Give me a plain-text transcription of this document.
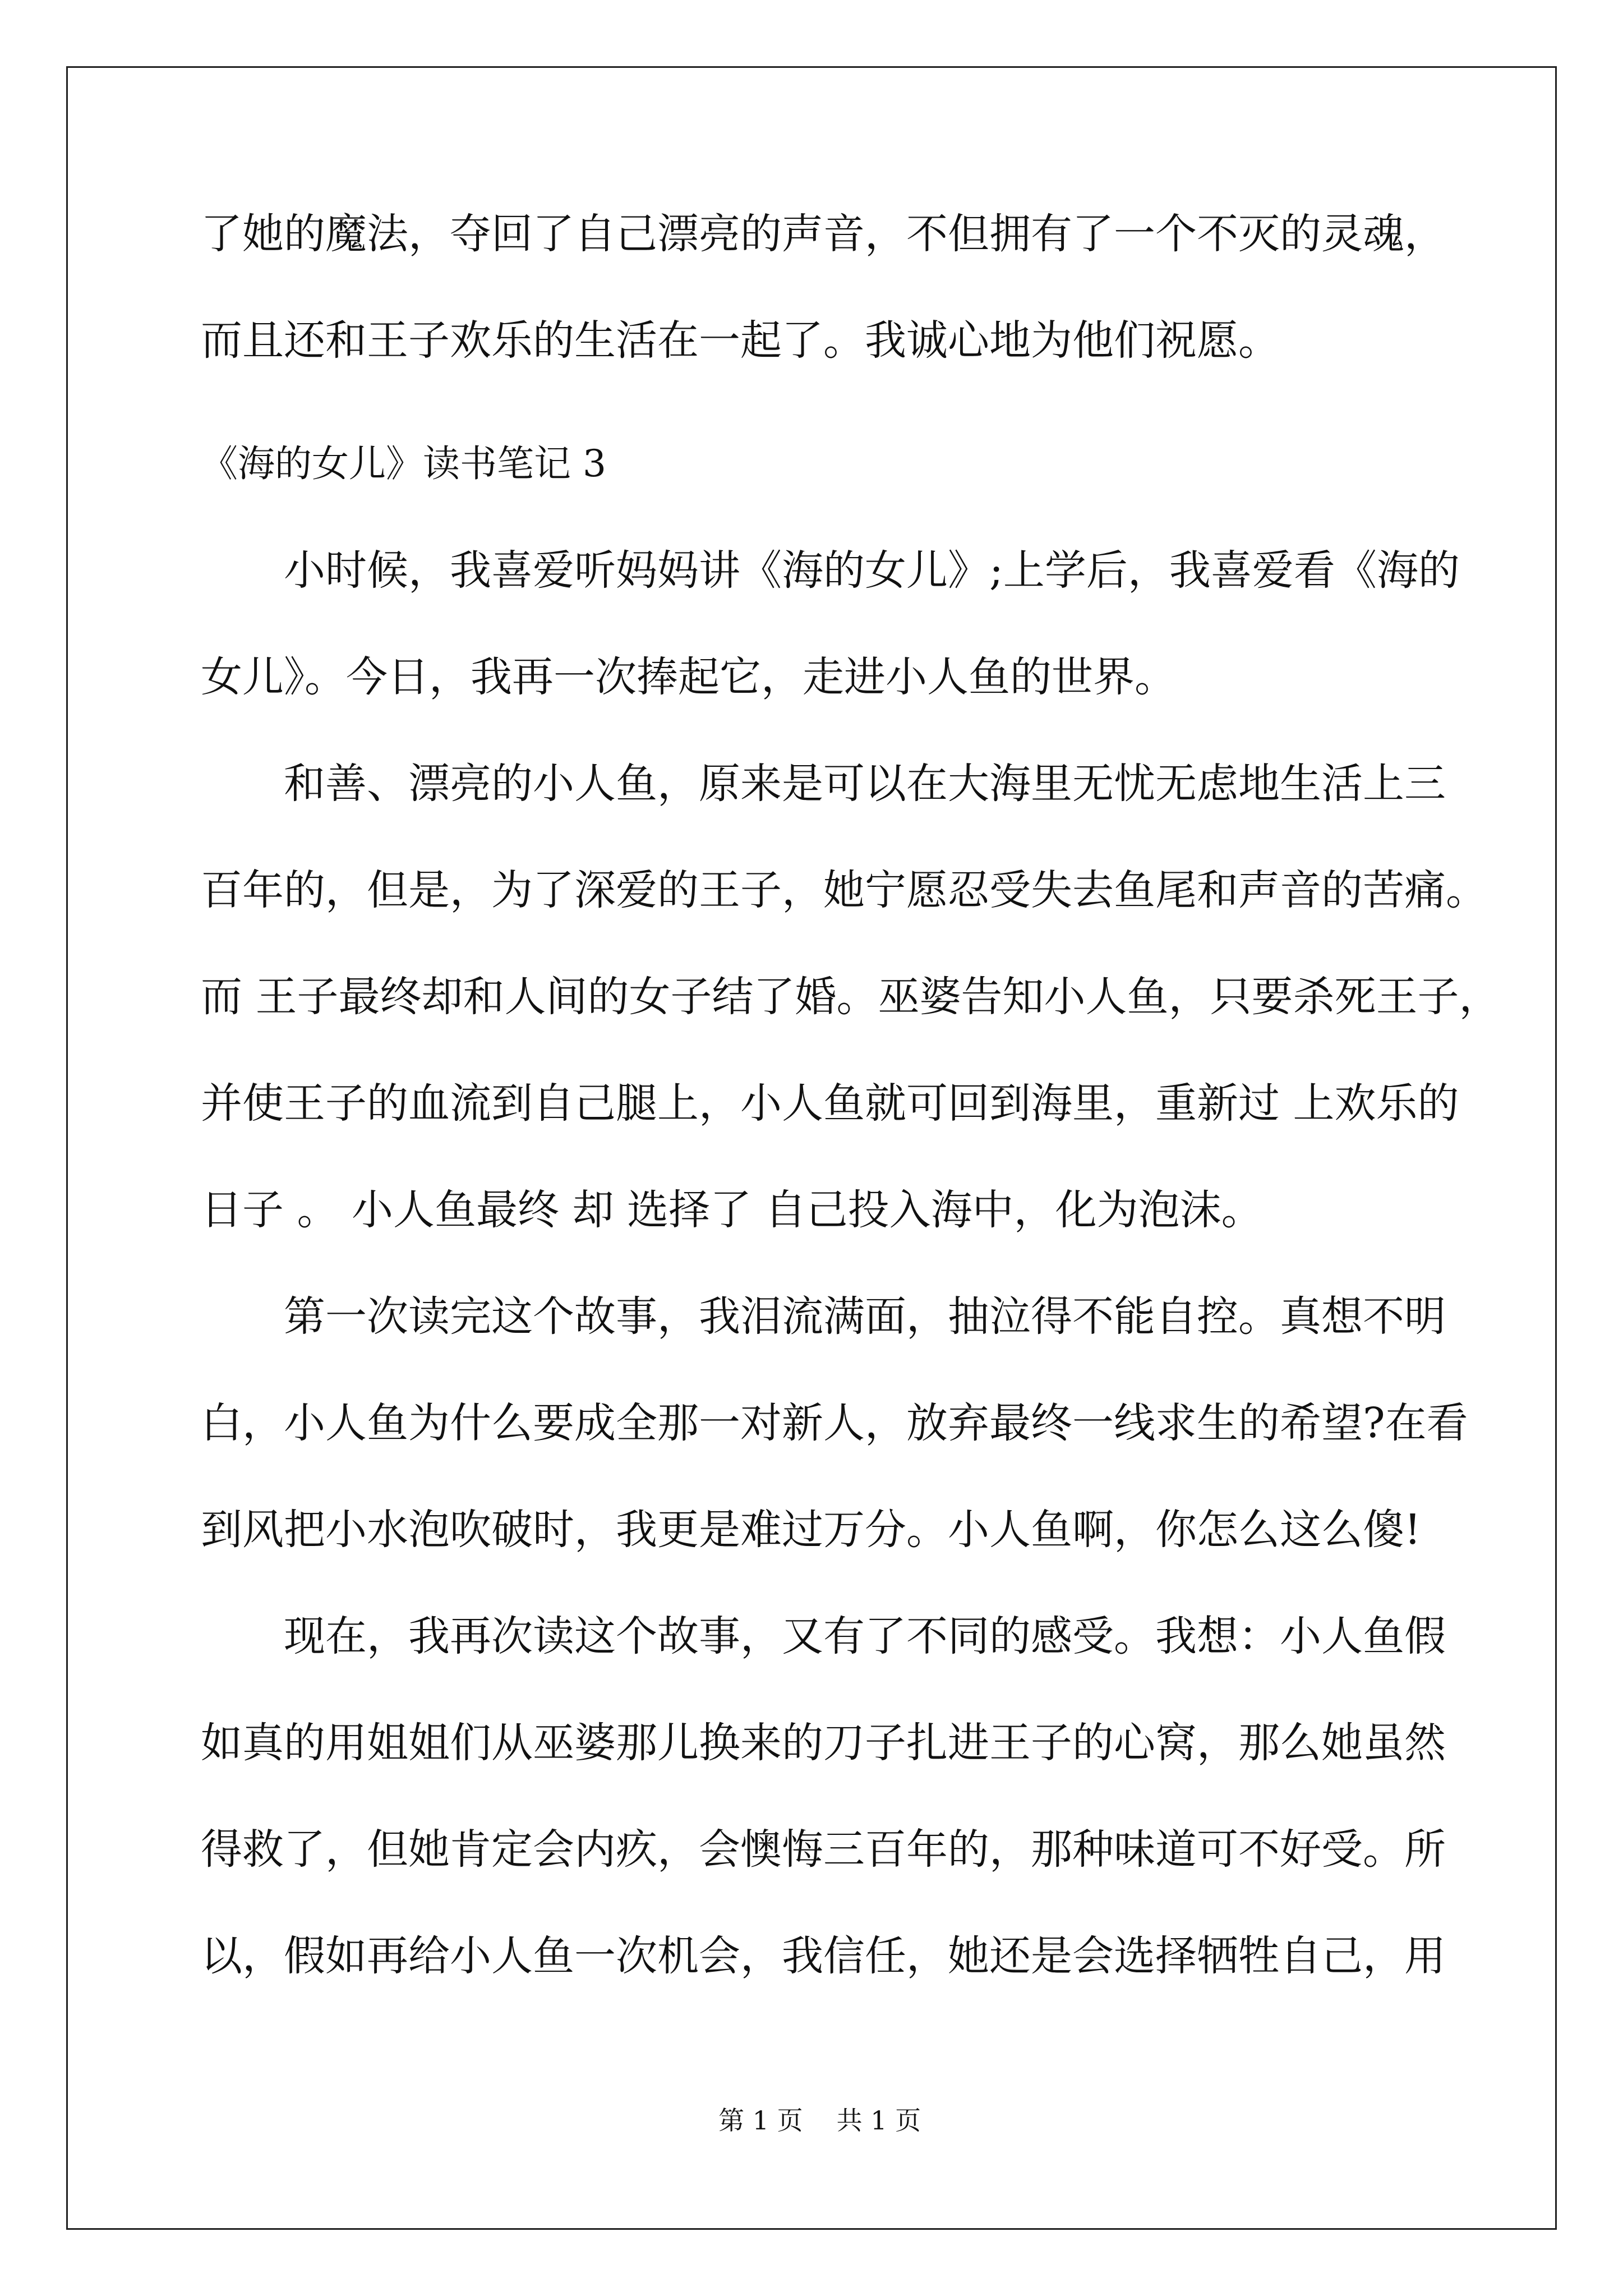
了她的魔法，夺回了自己漂亮的声音，不但拥有了一个不灭的灵魂，
而且还和王子欢乐的生活在一起了。我诚心地为他们祝愿。
《海的女儿》读书笔记 3
小时候，我喜爱听妈妈讲《海的女儿》;上学后，我喜爱看《海的
女儿》。今日，我再一次捧起它，走进小人鱼的世界。
和善、漂亮的小人鱼，原来是可以在大海里无忧无虑地生活上三
百年的，但是，为了深爱的王子，她宁愿忍受失去鱼尾和声音的苦痛。
而 王子最终却和人间的女子结了婚。巫婆告知小人鱼，只要杀死王子，
并使王子的血流到自己腿上，小人鱼就可回到海里，重新过 上欢乐的
日子 。 小人鱼最终 却 选择了 自己投入海中，化为泡沫。
第一次读完这个故事，我泪流满面，抽泣得不能自控。真想不明
白，小人鱼为什么要成全那一对新人，放弃最终一线求生的希望?在看
到风把小水泡吹破时，我更是难过万分。小人鱼啊，你怎么这么傻!
现在，我再次读这个故事，又有了不同的感受。我想：小人鱼假
如真的用姐姐们从巫婆那儿换来的刀子扎进王子的心窝，那么她虽然
得救了，但她肯定会内疚，会懊悔三百年的，那种味道可不好受。所
以，假如再给小人鱼一次机会，我信任，她还是会选择牺牲自己，用

第 1 页 共 1 页
